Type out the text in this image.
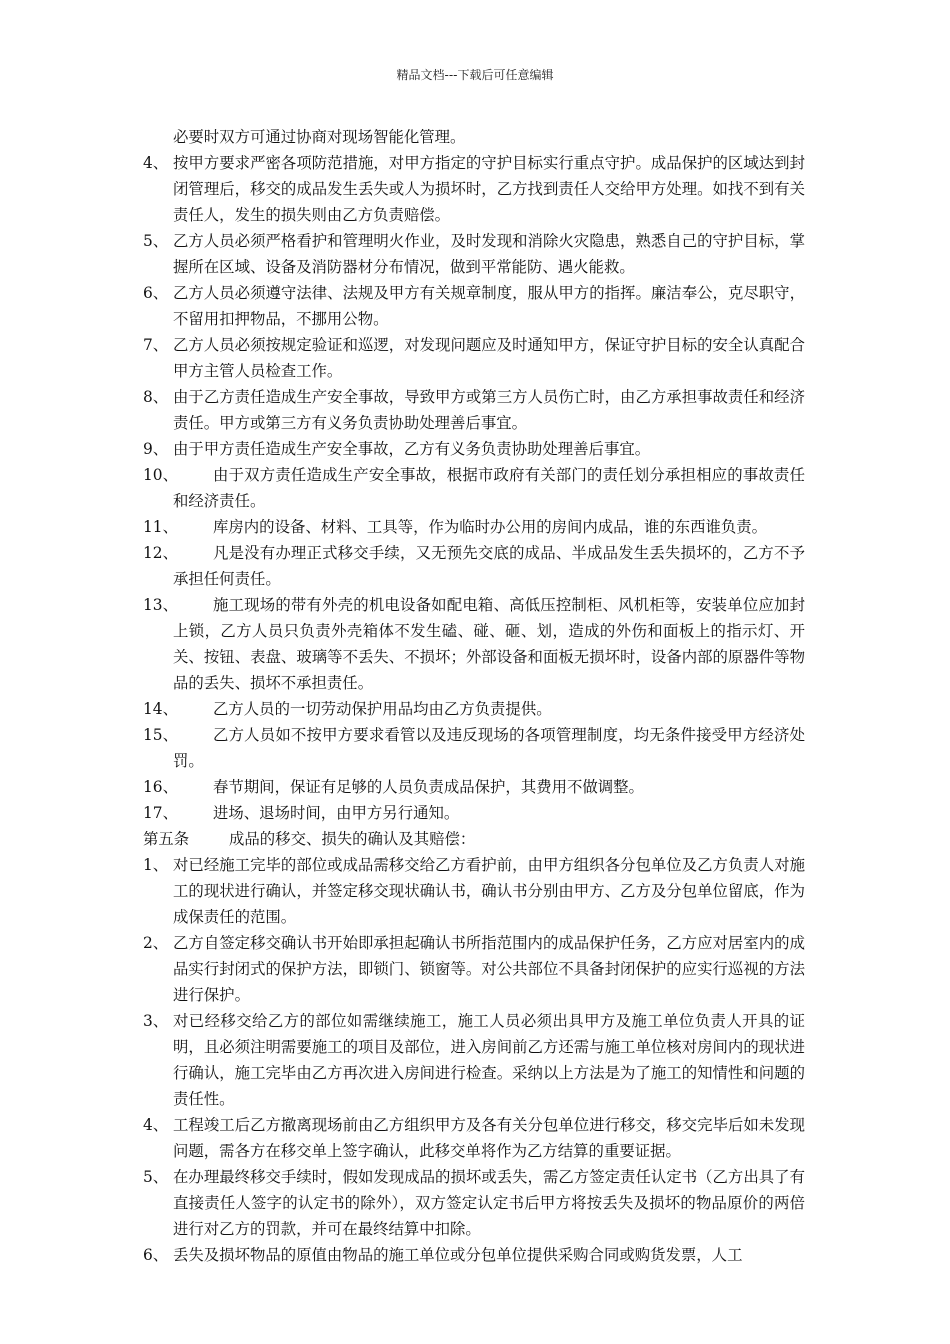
精品文档---下载后可任意编辑
必要时双方可通过协商对现场智能化管理。
4、 按甲方要求严密各项防范措施，对甲方指定的守护目标实行重点守护。成品保护的区域达到封闭管理后，移交的成品发生丢失或人为损坏时，乙方找到责任人交给甲方处理。如找不到有关责任人，发生的损失则由乙方负责赔偿。
5、 乙方人员必须严格看护和管理明火作业，及时发现和消除火灾隐患，熟悉自己的守护目标，掌握所在区域、设备及消防器材分布情况，做到平常能防、遇火能救。
6、 乙方人员必须遵守法律、法规及甲方有关规章制度，服从甲方的指挥。廉洁奉公，克尽职守，不留用扣押物品，不挪用公物。
7、 乙方人员必须按规定验证和巡逻，对发现问题应及时通知甲方，保证守护目标的安全认真配合甲方主管人员检查工作。
8、 由于乙方责任造成生产安全事故，导致甲方或第三方人员伤亡时，由乙方承担事故责任和经济责任。甲方或第三方有义务负责协助处理善后事宜。
9、 由于甲方责任造成生产安全事故，乙方有义务负责协助处理善后事宜。
10、	由于双方责任造成生产安全事故，根据市政府有关部门的责任划分承担相应的事故责任和经济责任。
11、	库房内的设备、材料、工具等，作为临时办公用的房间内成品，谁的东西谁负责。
12、	凡是没有办理正式移交手续，又无预先交底的成品、半成品发生丢失损坏的，乙方不予承担任何责任。
13、	施工现场的带有外壳的机电设备如配电箱、高低压控制柜、风机柜等，安装单位应加封上锁，乙方人员只负责外壳箱体不发生磕、碰、砸、划，造成的外伤和面板上的指示灯、开关、按钮、表盘、玻璃等不丢失、不损坏；外部设备和面板无损坏时，设备内部的原器件等物品的丢失、损坏不承担责任。
14、	乙方人员的一切劳动保护用品均由乙方负责提供。
15、	乙方人员如不按甲方要求看管以及违反现场的各项管理制度，均无条件接受甲方经济处罚。
16、	春节期间，保证有足够的人员负责成品保护，其费用不做调整。
17、	进场、退场时间，由甲方另行通知。
第五条	成品的移交、损失的确认及其赔偿：
1、 对已经施工完毕的部位或成品需移交给乙方看护前，由甲方组织各分包单位及乙方负责人对施工的现状进行确认，并签定移交现状确认书，确认书分别由甲方、乙方及分包单位留底，作为成保责任的范围。
2、 乙方自签定移交确认书开始即承担起确认书所指范围内的成品保护任务，乙方应对居室内的成品实行封闭式的保护方法，即锁门、锁窗等。对公共部位不具备封闭保护的应实行巡视的方法进行保护。
3、 对已经移交给乙方的部位如需继续施工，施工人员必须出具甲方及施工单位负责人开具的证明，且必须注明需要施工的项目及部位，进入房间前乙方还需与施工单位核对房间内的现状进行确认，施工完毕由乙方再次进入房间进行检查。采纳以上方法是为了施工的知情性和问题的责任性。
4、 工程竣工后乙方撤离现场前由乙方组织甲方及各有关分包单位进行移交，移交完毕后如未发现问题，需各方在移交单上签字确认，此移交单将作为乙方结算的重要证据。
5、 在办理最终移交手续时，假如发现成品的损坏或丢失，需乙方签定责任认定书（乙方出具了有直接责任人签字的认定书的除外），双方签定认定书后甲方将按丢失及损坏的物品原价的两倍进行对乙方的罚款，并可在最终结算中扣除。
6、 丢失及损坏物品的原值由物品的施工单位或分包单位提供采购合同或购货发票，人工
